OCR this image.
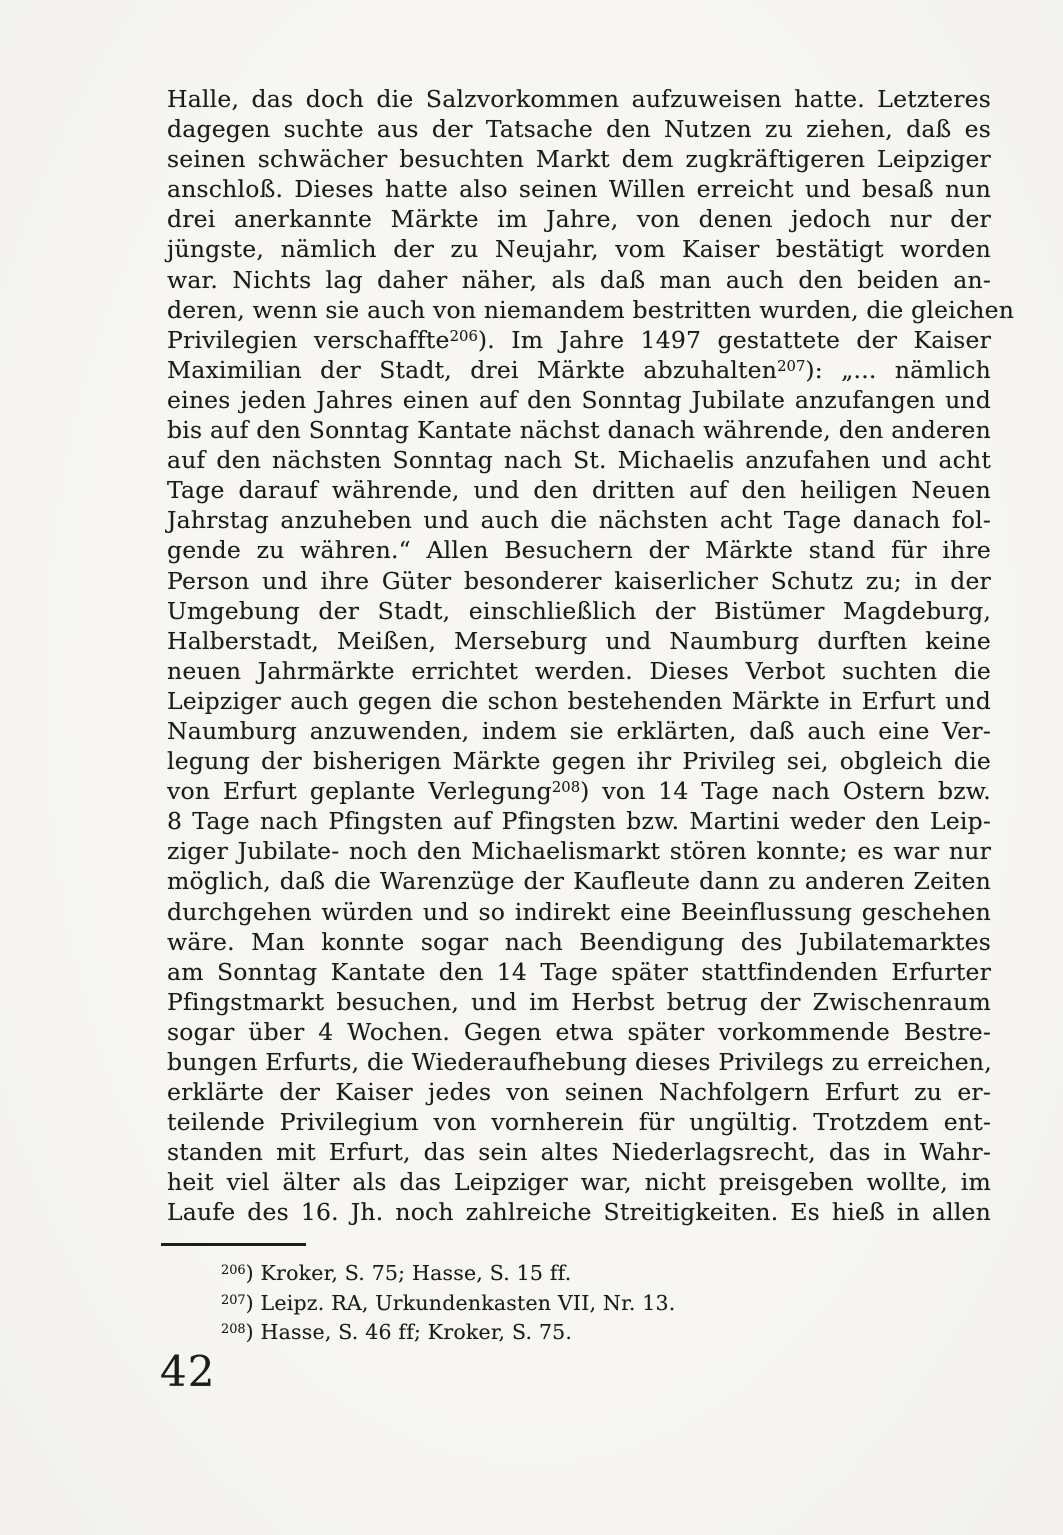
Halle, das doch die Salzvorkommen aufzuweisen hatte. Letzteres
dagegen suchte aus der Tatsache den Nutzen zu ziehen, daß es
seinen schwächer besuchten Markt dem zugkräftigeren Leipziger
anschloß. Dieses hatte also seinen Willen erreicht und besaß nun
drei anerkannte Märkte im Jahre, von denen jedoch nur der
jüngste, nämlich der zu Neujahr, vom Kaiser bestätigt worden
war. Nichts lag daher näher, als daß man auch den beiden an-
deren, wenn sie auch von niemandem bestritten wurden, die gleichen
Privilegien verschaffte$^{206}$). Im Jahre 1497 gestattete der Kaiser
Maximilian der Stadt, drei Märkte abzuhalten$^{207}$): „... nämlich
eines jeden Jahres einen auf den Sonntag Jubilate anzufangen und
bis auf den Sonntag Kantate nächst danach währende, den anderen
auf den nächsten Sonntag nach St. Michaelis anzufahen und acht
Tage darauf währende, und den dritten auf den heiligen Neuen
Jahrstag anzuheben und auch die nächsten acht Tage danach fol-
gende zu währen.“ Allen Besuchern der Märkte stand für ihre
Person und ihre Güter besonderer kaiserlicher Schutz zu; in der
Umgebung der Stadt, einschließlich der Bistümer Magdeburg,
Halberstadt, Meißen, Merseburg und Naumburg durften keine
neuen Jahrmärkte errichtet werden. Dieses Verbot suchten die
Leipziger auch gegen die schon bestehenden Märkte in Erfurt und
Naumburg anzuwenden, indem sie erklärten, daß auch eine Ver-
legung der bisherigen Märkte gegen ihr Privileg sei, obgleich die
von Erfurt geplante Verlegung$^{208}$) von 14 Tage nach Ostern bzw.
8 Tage nach Pfingsten auf Pfingsten bzw. Martini weder den Leip-
ziger Jubilate- noch den Michaelismarkt stören konnte; es war nur
möglich, daß die Warenzüge der Kaufleute dann zu anderen Zeiten
durchgehen würden und so indirekt eine Beeinflussung geschehen
wäre. Man konnte sogar nach Beendigung des Jubilatemarktes
am Sonntag Kantate den 14 Tage später stattfindenden Erfurter
Pfingstmarkt besuchen, und im Herbst betrug der Zwischenraum
sogar über 4 Wochen. Gegen etwa später vorkommende Bestre-
bungen Erfurts, die Wiederaufhebung dieses Privilegs zu erreichen,
erklärte der Kaiser jedes von seinen Nachfolgern Erfurt zu er-
teilende Privilegium von vornherein für ungültig. Trotzdem ent-
standen mit Erfurt, das sein altes Niederlagsrecht, das in Wahr-
heit viel älter als das Leipziger war, nicht preisgeben wollte, im
Laufe des 16. Jh. noch zahlreiche Streitigkeiten. Es hieß in allen
$^{206}$) Kroker, S. 75; Hasse, S. 15 ff.
$^{207}$) Leipz. RA, Urkundenkasten VII, Nr. 13.
$^{208}$) Hasse, S. 46 ff; Kroker, S. 75.
42
